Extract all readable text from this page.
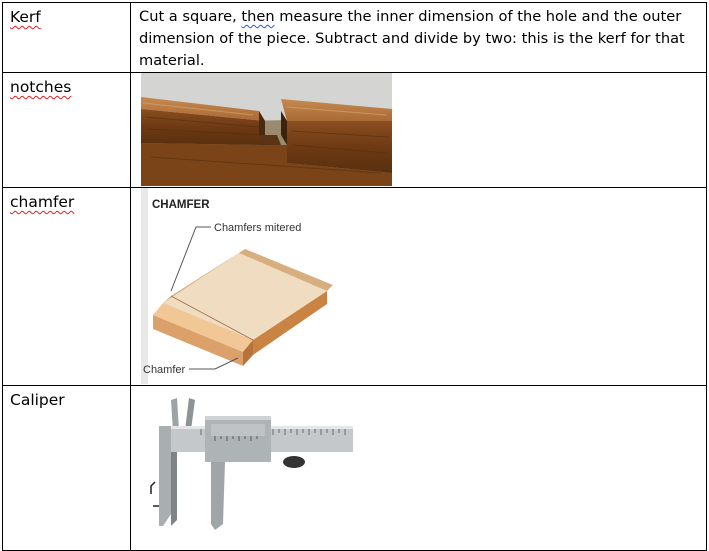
Kerf	Cut a square, then measure the inner dimension of the hole and the outer dimension of the piece. Subtract and divide by two: this is the kerf for that material.

notches	

chamfer	CHAMFER
Chamfers mitered
Chamfer

Caliper	
